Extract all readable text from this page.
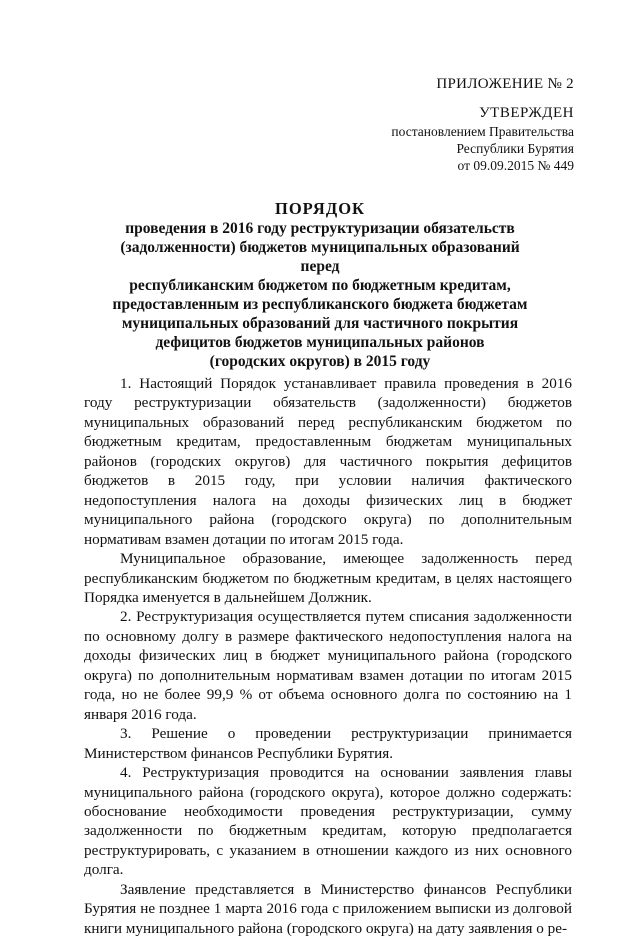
ПРИЛОЖЕНИЕ № 2
УТВЕРЖДЕН
постановлением Правительства
Республики Бурятия
от 09.09.2015 № 449
ПОРЯДОК
проведения в 2016 году реструктуризации обязательств
(задолженности) бюджетов муниципальных образований перед
республиканским бюджетом по бюджетным кредитам,
предоставленным из республиканского бюджета бюджетам
муниципальных образований для частичного покрытия
дефицитов бюджетов муниципальных районов
(городских округов) в 2015 году

1. Настоящий Порядок устанавливает правила проведения в 2016 году реструктуризации обязательств (задолженности) бюджетов муниципальных образований перед республиканским бюджетом по бюджетным кредитам, предоставленным бюджетам муниципальных районов (городских округов) для частичного покрытия дефицитов бюджетов в 2015 году, при условии наличия фактического недопоступления налога на доходы физических лиц в бюджет муниципального района (городского округа) по дополнительным нормативам взамен дотации по итогам 2015 года.

Муниципальное образование, имеющее задолженность перед республиканским бюджетом по бюджетным кредитам, в целях настоящего Порядка именуется в дальнейшем Должник.

2. Реструктуризация осуществляется путем списания задолженности по основному долгу в размере фактического недопоступления налога на доходы физических лиц в бюджет муниципального района (городского округа) по дополнительным нормативам взамен дотации по итогам 2015 года, но не более 99,9 % от объема основного долга по состоянию на 1 января 2016 года.

3. Решение о проведении реструктуризации принимается Министерством финансов Республики Бурятия.

4. Реструктуризация проводится на основании заявления главы муниципального района (городского округа), которое должно содержать: обоснование необходимости проведения реструктуризации, сумму задолженности по бюджетным кредитам, которую предполагается реструктурировать, с указанием в отношении каждого из них основного долга.

Заявление представляется в Министерство финансов Республики Бурятия не позднее 1 марта 2016 года с приложением выписки из долговой книги муниципального района (городского округа) на дату заявления о ре-
